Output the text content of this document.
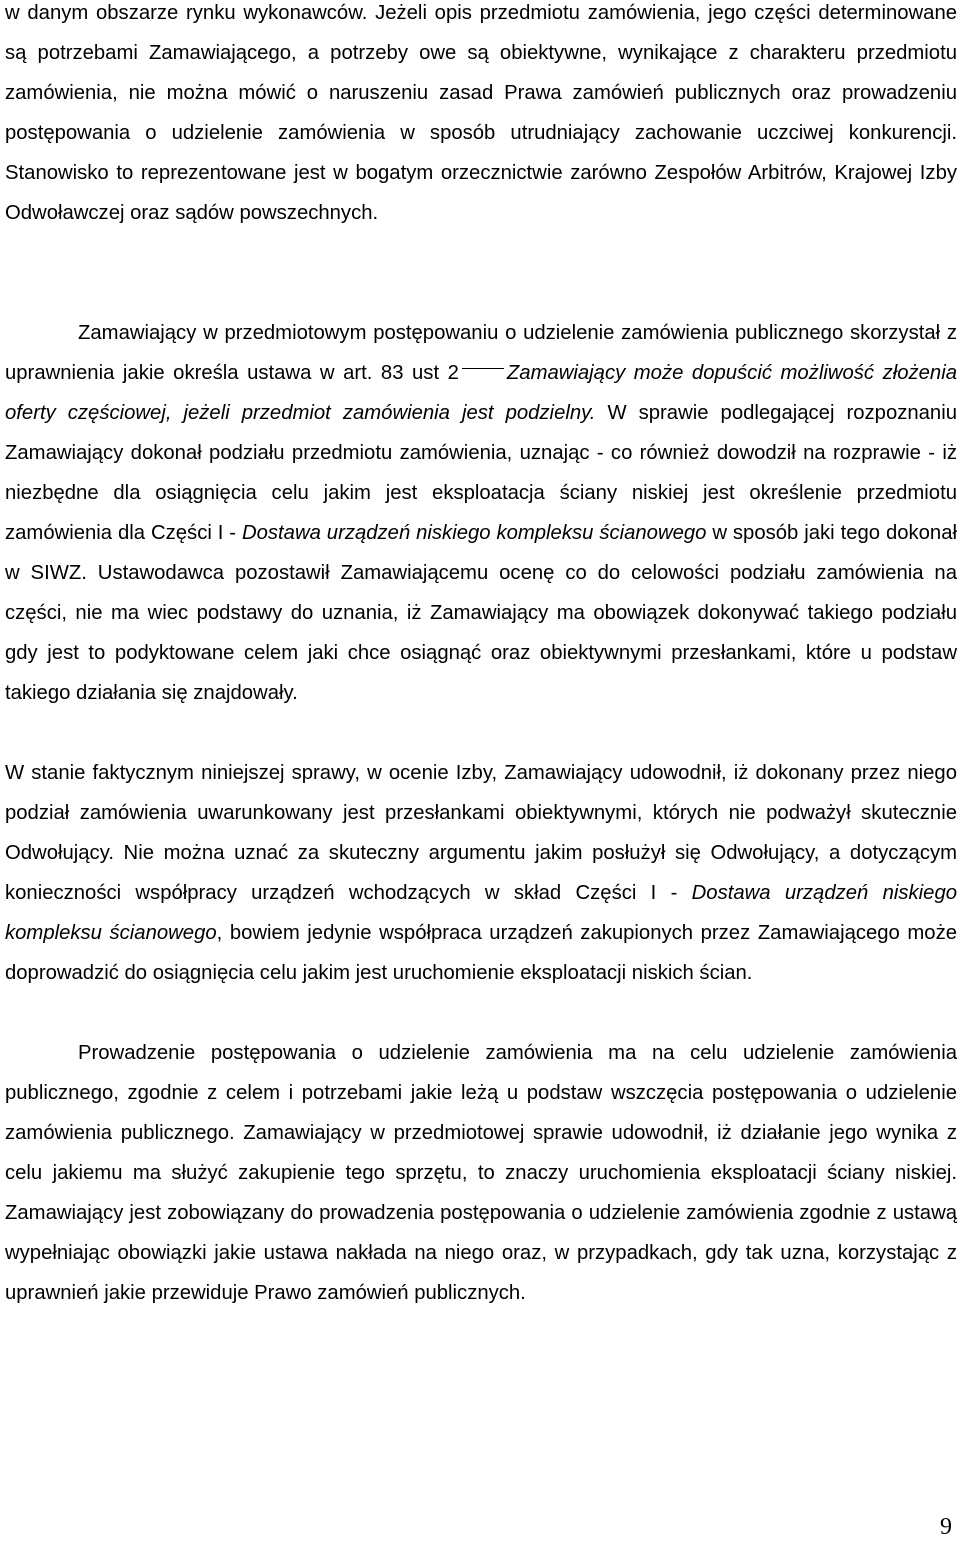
w danym obszarze rynku wykonawców. Jeżeli opis przedmiotu zamówienia, jego części determinowane są potrzebami Zamawiającego, a potrzeby owe są obiektywne, wynikające z charakteru przedmiotu zamówienia, nie można mówić o naruszeniu zasad Prawa zamówień publicznych oraz prowadzeniu postępowania o udzielenie zamówienia w sposób utrudniający zachowanie uczciwej konkurencji. Stanowisko to reprezentowane jest w bogatym orzecznictwie zarówno Zespołów Arbitrów, Krajowej Izby Odwoławczej oraz sądów powszechnych.

Zamawiający w przedmiotowym postępowaniu o udzielenie zamówienia publicznego skorzystał z uprawnienia jakie określa ustawa w art. 83 ust 2 Zamawiający może dopuścić możliwość złożenia oferty częściowej, jeżeli przedmiot zamówienia jest podzielny. W sprawie podlegającej rozpoznaniu Zamawiający dokonał podziału przedmiotu zamówienia, uznając - co również dowodził na rozprawie - iż niezbędne dla osiągnięcia celu jakim jest eksploatacja ściany niskiej jest określenie przedmiotu zamówienia dla Części I - Dostawa urządzeń niskiego kompleksu ścianowego w sposób jaki tego dokonał w SIWZ. Ustawodawca pozostawił Zamawiającemu ocenę co do celowości podziału zamówienia na części, nie ma wiec podstawy do uznania, iż Zamawiający ma obowiązek dokonywać takiego podziału gdy jest to podyktowane celem jaki chce osiągnąć oraz obiektywnymi przesłankami, które u podstaw takiego działania się znajdowały.

W stanie faktycznym niniejszej sprawy, w ocenie Izby, Zamawiający udowodnił, iż dokonany przez niego podział zamówienia uwarunkowany jest przesłankami obiektywnymi, których nie podważył skutecznie Odwołujący. Nie można uznać za skuteczny argumentu jakim posłużył się Odwołujący, a dotyczącym konieczności współpracy urządzeń wchodzących w skład Części I - Dostawa urządzeń niskiego kompleksu ścianowego, bowiem jedynie współpraca urządzeń zakupionych przez Zamawiającego może doprowadzić do osiągnięcia celu jakim jest uruchomienie eksploatacji niskich ścian.

Prowadzenie postępowania o udzielenie zamówienia ma na celu udzielenie zamówienia publicznego, zgodnie z celem i potrzebami jakie leżą u podstaw wszczęcia postępowania o udzielenie zamówienia publicznego. Zamawiający w przedmiotowej sprawie udowodnił, iż działanie jego wynika z celu jakiemu ma służyć zakupienie tego sprzętu, to znaczy uruchomienia eksploatacji ściany niskiej. Zamawiający jest zobowiązany do prowadzenia postępowania o udzielenie zamówienia zgodnie z ustawą wypełniając obowiązki jakie ustawa nakłada na niego oraz, w przypadkach, gdy tak uzna, korzystając z uprawnień jakie przewiduje Prawo zamówień publicznych.

9
